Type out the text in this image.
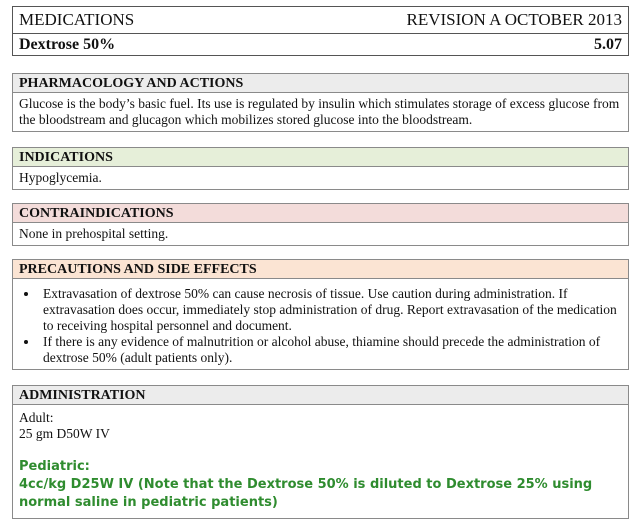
MEDICATIONS	REVISION A OCTOBER 2013
Dextrose 50%	5.07
PHARMACOLOGY AND ACTIONS
Glucose is the body’s basic fuel. Its use is regulated by insulin which stimulates storage of excess glucose from the bloodstream and glucagon which mobilizes stored glucose into the bloodstream.
INDICATIONS
Hypoglycemia.
CONTRAINDICATIONS
None in prehospital setting.
PRECAUTIONS AND SIDE EFFECTS
• Extravasation of dextrose 50% can cause necrosis of tissue. Use caution during administration. If extravasation does occur, immediately stop administration of drug. Report extravasation of the medication to receiving hospital personnel and document.
• If there is any evidence of malnutrition or alcohol abuse, thiamine should precede the administration of dextrose 50% (adult patients only).
ADMINISTRATION
Adult:
25 gm D50W IV
Pediatric:
4cc/kg D25W IV (Note that the Dextrose 50% is diluted to Dextrose 25% using normal saline in pediatric patients)
